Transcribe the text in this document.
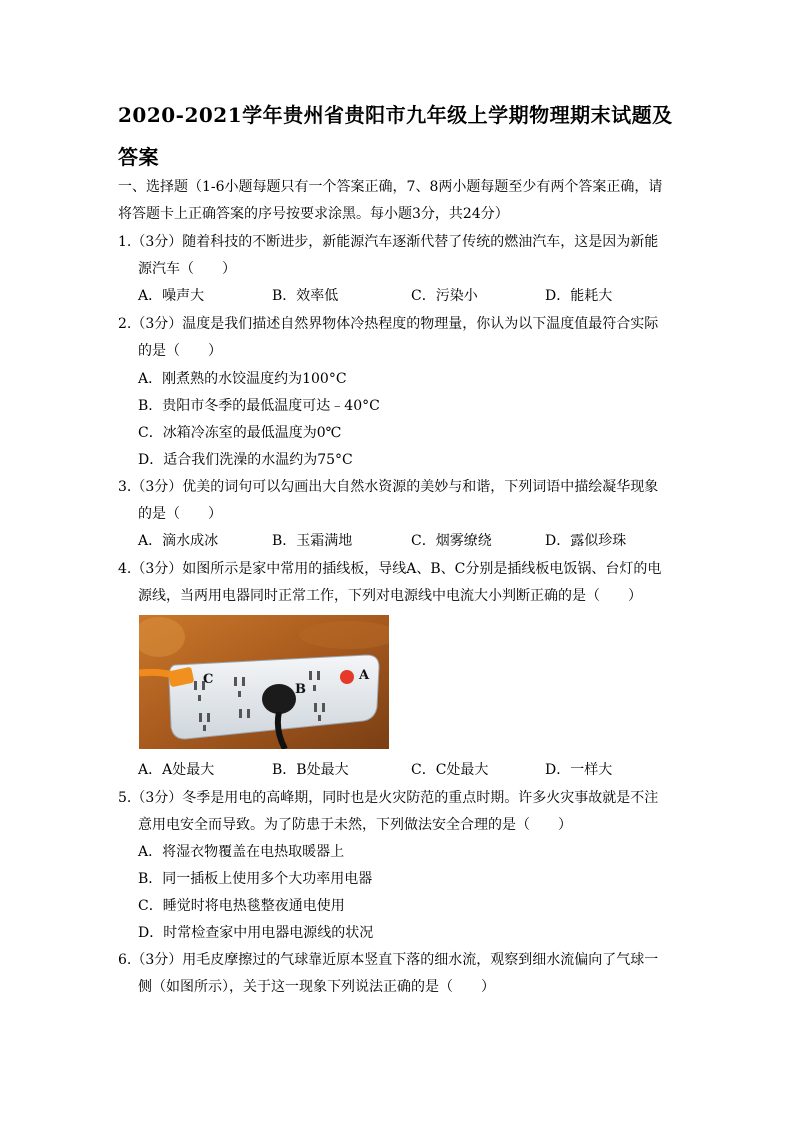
2020-2021学年贵州省贵阳市九年级上学期物理期末试题及
答案
一、选择题（1-6小题每题只有一个答案正确，7、8两小题每题至少有两个答案正确，请
将答题卡上正确答案的序号按要求涂黑。每小题3分，共24分）
1.（3分）随着科技的不断进步，新能源汽车逐渐代替了传统的燃油汽车，这是因为新能
源汽车（　　）
A．噪声大	B．效率低	C．污染小	D．能耗大
2.（3分）温度是我们描述自然界物体冷热程度的物理量，你认为以下温度值最符合实际
的是（　　）
A．刚煮熟的水饺温度约为100°C
B．贵阳市冬季的最低温度可达﹣40°C
C．冰箱冷冻室的最低温度为0℃
D．适合我们洗澡的水温约为75°C
3.（3分）优美的词句可以勾画出大自然水资源的美妙与和谐，下列词语中描绘凝华现象
的是（　　）
A．滴水成冰	B．玉霜满地	C．烟雾缭绕	D．露似珍珠
4.（3分）如图所示是家中常用的插线板，导线A、B、C分别是插线板电饭锅、台灯的电
源线，当两用电器同时正常工作，下列对电源线中电流大小判断正确的是（　　）
C
B
A
A．A处最大	B．B处最大	C．C处最大	D．一样大
5.（3分）冬季是用电的高峰期，同时也是火灾防范的重点时期。许多火灾事故就是不注
意用电安全而导致。为了防患于未然，下列做法安全合理的是（　　）
A．将湿衣物覆盖在电热取暖器上
B．同一插板上使用多个大功率用电器
C．睡觉时将电热毯整夜通电使用
D．时常检查家中用电器电源线的状况
6.（3分）用毛皮摩擦过的气球靠近原本竖直下落的细水流，观察到细水流偏向了气球一
侧（如图所示），关于这一现象下列说法正确的是（　　）
